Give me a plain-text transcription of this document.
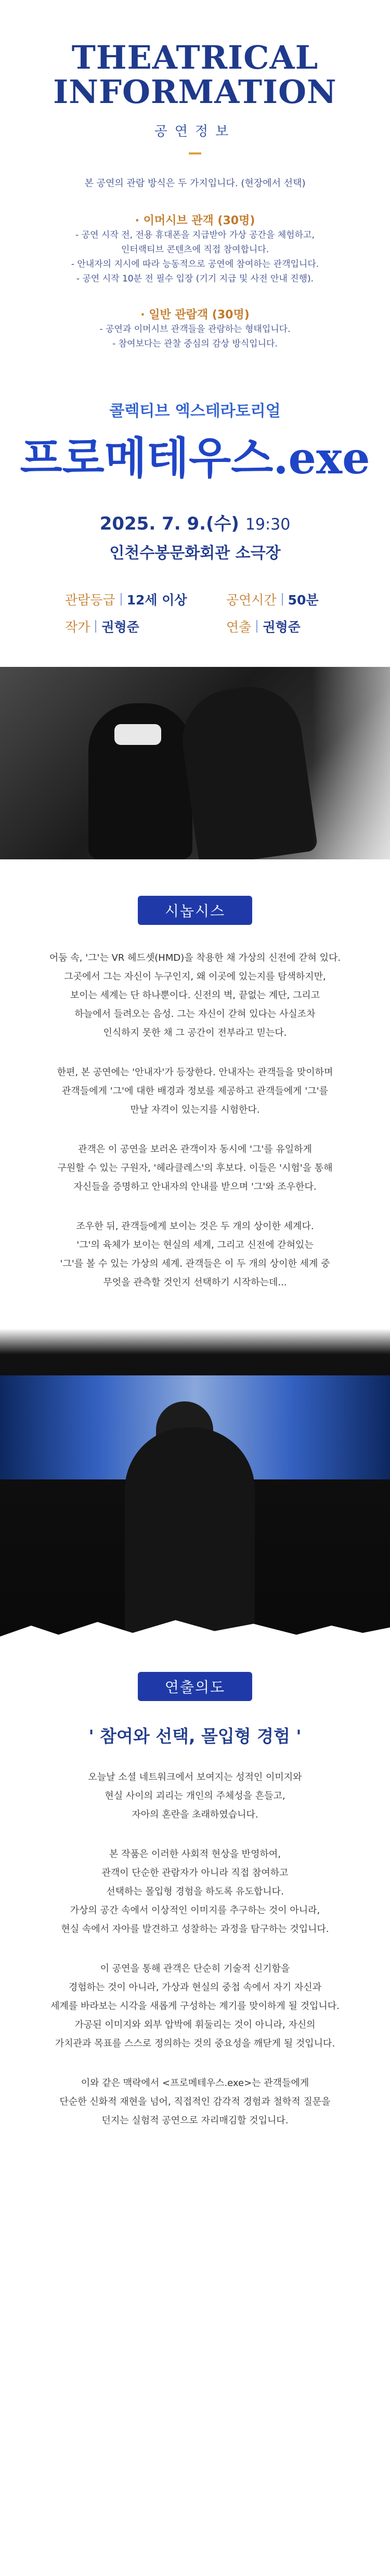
THEATRICAL
INFORMATION
공연정보
본 공연의 관람 방식은 두 가지입니다. (현장에서 선택)
· 이머시브 관객 (30명)
- 공연 시작 전, 전용 휴대폰을 지급받아 가상 공간을 체험하고,
인터랙티브 콘텐츠에 직접 참여합니다.
- 안내자의 지시에 따라 능동적으로 공연에 참여하는 관객입니다.
- 공연 시작 10분 전 필수 입장 (기기 지급 및 사전 안내 진행).
· 일반 관람객 (30명)
- 공연과 이머시브 관객들을 관람하는 형태입니다.
- 참여보다는 관찰 중심의 감상 방식입니다.
콜렉티브 엑스테라토리얼
프로메테우스.exe
2025. 7. 9.(수) 19:30
인천수봉문화회관 소극장
관람등급 12세 이상	공연시간 50분
작가 권형준	연출 권형준
시놉시스
어둠 속, '그'는 VR 헤드셋(HMD)을 착용한 채 가상의 신전에 갇혀 있다.
그곳에서 그는 자신이 누구인지, 왜 이곳에 있는지를 탐색하지만,
보이는 세계는 단 하나뿐이다. 신전의 벽, 끝없는 계단, 그리고
하늘에서 들려오는 음성. 그는 자신이 갇혀 있다는 사실조차
인식하지 못한 채 그 공간이 전부라고 믿는다.
한편, 본 공연에는 '안내자'가 등장한다. 안내자는 관객들을 맞이하며
관객들에게 '그'에 대한 배경과 정보를 제공하고 관객들에게 '그'를
만날 자격이 있는지를 시험한다.
관객은 이 공연을 보러온 관객이자 동시에 '그'를 유일하게
구원할 수 있는 구원자, '헤라클레스'의 후보다. 이들은 '시험'을 통해
자신들을 증명하고 안내자의 안내를 받으며 '그'와 조우한다.
조우한 뒤, 관객들에게 보이는 것은 두 개의 상이한 세계다.
'그'의 육체가 보이는 현실의 세계, 그리고 신전에 갇혀있는
'그'를 볼 수 있는 가상의 세계. 관객들은 이 두 개의 상이한 세계 중
무엇을 관측할 것인지 선택하기 시작하는데...
연출의도
' 참여와 선택, 몰입형 경험 '
오늘날 소셜 네트워크에서 보여지는 성적인 이미지와
현실 사이의 괴리는 개인의 주체성을 흔들고,
자아의 혼란을 초래하였습니다.
본 작품은 이러한 사회적 현상을 반영하여,
관객이 단순한 관람자가 아니라 직접 참여하고
선택하는 몰입형 경험을 하도록 유도합니다.
가상의 공간 속에서 이상적인 이미지를 추구하는 것이 아니라,
현실 속에서 자아를 발견하고 성찰하는 과정을 탐구하는 것입니다.
이 공연을 통해 관객은 단순히 기술적 신기함을
경험하는 것이 아니라, 가상과 현실의 중첩 속에서 자기 자신과
세계를 바라보는 시각을 새롭게 구성하는 계기를 맞이하게 될 것입니다.
가공된 이미지와 외부 압박에 휘둘리는 것이 아니라, 자신의
가치관과 목표를 스스로 정의하는 것의 중요성을 깨닫게 될 것입니다.
이와 같은 맥락에서 <프로메테우스.exe>는 관객들에게
단순한 신화적 재현을 넘어, 직접적인 감각적 경험과 철학적 질문을
던지는 실험적 공연으로 자리매김할 것입니다.
